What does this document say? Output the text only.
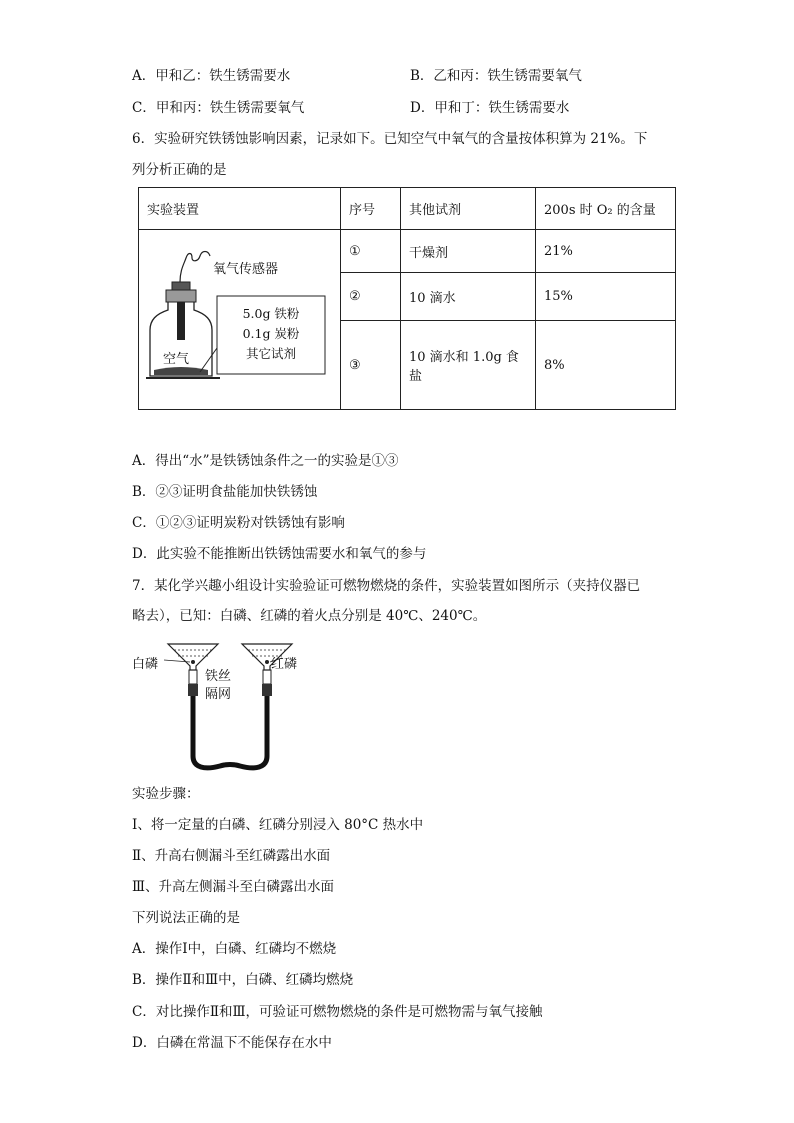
A．甲和乙：铁生锈需要水	B．乙和丙：铁生锈需要氧气
C．甲和丙：铁生锈需要氧气	D．甲和丁：铁生锈需要水
6．实验研究铁锈蚀影响因素，记录如下。已知空气中氧气的含量按体积算为 21%。下
列分析正确的是
实验装置	序号	其他试剂	200s 时 O₂ 的含量
	①	干燥剂	21%
	②	10 滴水	15%
	③	10 滴水和 1.0g 食盐	8%
氧气传感器
空气
5.0g 铁粉
0.1g 炭粉
其它试剂
A．得出“水”是铁锈蚀条件之一的实验是①③
B．②③证明食盐能加快铁锈蚀
C．①②③证明炭粉对铁锈蚀有影响
D．此实验不能推断出铁锈蚀需要水和氧气的参与
7．某化学兴趣小组设计实验验证可燃物燃烧的条件，实验装置如图所示（夹持仪器已
略去），已知：白磷、红磷的着火点分别是 40℃、240℃。
白磷	红磷
铁丝
隔网
实验步骤：
Ⅰ、将一定量的白磷、红磷分别浸入 80°C 热水中
Ⅱ、升高右侧漏斗至红磷露出水面
Ⅲ、升高左侧漏斗至白磷露出水面
下列说法正确的是
A．操作Ⅰ中，白磷、红磷均不燃烧
B．操作Ⅱ和Ⅲ中，白磷、红磷均燃烧
C．对比操作Ⅱ和Ⅲ，可验证可燃物燃烧的条件是可燃物需与氧气接触
D．白磷在常温下不能保存在水中
